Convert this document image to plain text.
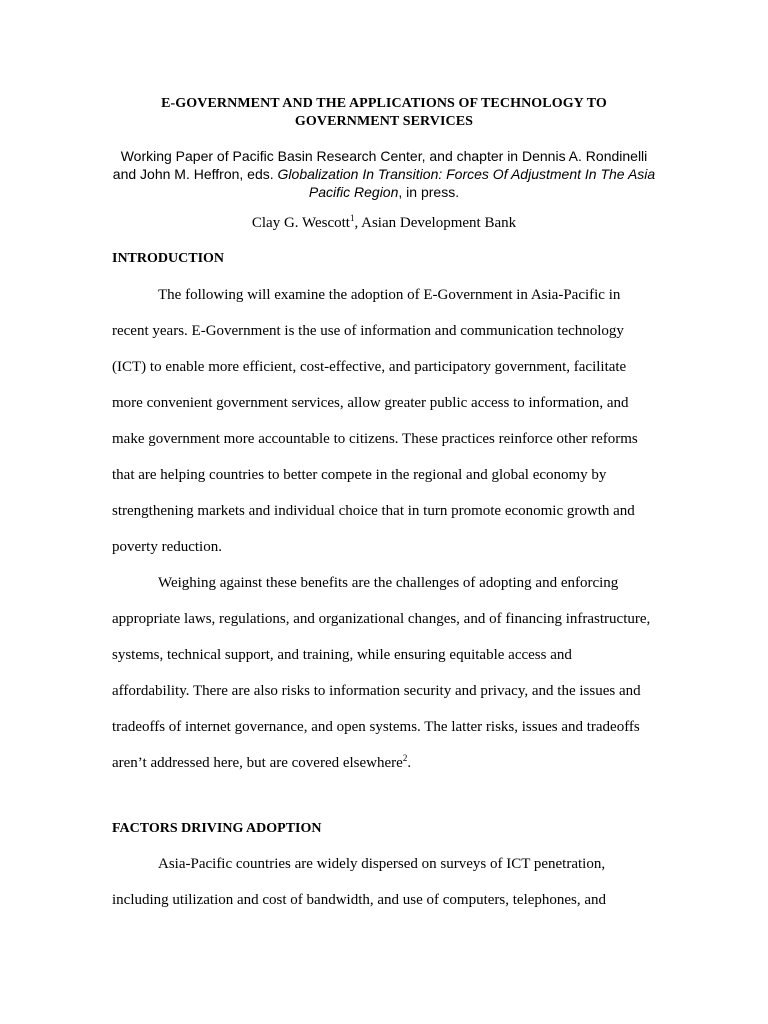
E-GOVERNMENT AND THE APPLICATIONS OF TECHNOLOGY TO
GOVERNMENT SERVICES
Working Paper of Pacific Basin Research Center, and chapter in Dennis A. Rondinelli
and John M. Heffron, eds. Globalization In Transition: Forces Of Adjustment In The Asia
Pacific Region, in press.
Clay G. Wescott$^1$, Asian Development Bank
INTRODUCTION

The following will examine the adoption of E-Government in Asia-Pacific in

recent years. E-Government is the use of information and communication technology

(ICT) to enable more efficient, cost-effective, and participatory government, facilitate

more convenient government services, allow greater public access to information, and

make government more accountable to citizens. These practices reinforce other reforms

that are helping countries to better compete in the regional and global economy by

strengthening markets and individual choice that in turn promote economic growth and

poverty reduction.

Weighing against these benefits are the challenges of adopting and enforcing

appropriate laws, regulations, and organizational changes, and of financing infrastructure,

systems, technical support, and training, while ensuring equitable access and

affordability. There are also risks to information security and privacy, and the issues and

tradeoffs of internet governance, and open systems. The latter risks, issues and tradeoffs

aren’t addressed here, but are covered elsewhere$^2$.

FACTORS DRIVING ADOPTION

Asia-Pacific countries are widely dispersed on surveys of ICT penetration,

including utilization and cost of bandwidth, and use of computers, telephones, and
